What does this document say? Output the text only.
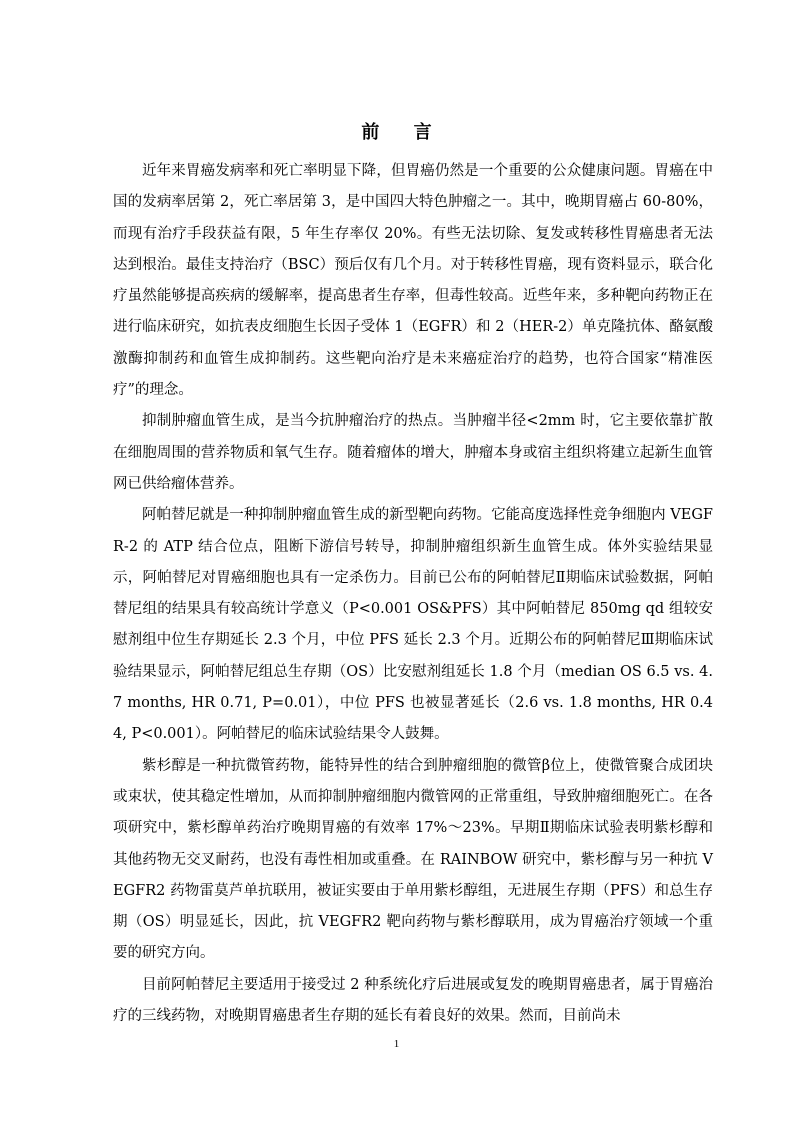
前 言

近年来胃癌发病率和死亡率明显下降，但胃癌仍然是一个重要的公众健康问题。胃癌在中国的发病率居第 2，死亡率居第 3，是中国四大特色肿瘤之一。其中，晚期胃癌占 60-80%，而现有治疗手段获益有限，5 年生存率仅 20%。有些无法切除、复发或转移性胃癌患者无法达到根治。最佳支持治疗（BSC）预后仅有几个月。对于转移性胃癌，现有资料显示，联合化疗虽然能够提高疾病的缓解率，提高患者生存率，但毒性较高。近些年来，多种靶向药物正在进行临床研究，如抗表皮细胞生长因子受体 1（EGFR）和 2（HER-2）单克隆抗体、酪氨酸激酶抑制药和血管生成抑制药。这些靶向治疗是未来癌症治疗的趋势，也符合国家“精准医疗”的理念。

抑制肿瘤血管生成，是当今抗肿瘤治疗的热点。当肿瘤半径<2mm 时，它主要依靠扩散在细胞周围的营养物质和氧气生存。随着瘤体的增大，肿瘤本身或宿主组织将建立起新生血管网已供给瘤体营养。

阿帕替尼就是一种抑制肿瘤血管生成的新型靶向药物。它能高度选择性竞争细胞内 VEGFR-2 的 ATP 结合位点，阻断下游信号转导，抑制肿瘤组织新生血管生成。体外实验结果显示，阿帕替尼对胃癌细胞也具有一定杀伤力。目前已公布的阿帕替尼Ⅱ期临床试验数据，阿帕替尼组的结果具有较高统计学意义（P<0.001 OS&PFS）其中阿帕替尼 850mg qd 组较安慰剂组中位生存期延长 2.3 个月，中位 PFS 延长 2.3 个月。近期公布的阿帕替尼Ⅲ期临床试验结果显示，阿帕替尼组总生存期（OS）比安慰剂组延长 1.8 个月（median OS 6.5 vs. 4.7 months, HR 0.71, P=0.01），中位 PFS 也被显著延长（2.6 vs. 1.8 months, HR 0.44, P<0.001）。阿帕替尼的临床试验结果令人鼓舞。

紫杉醇是一种抗微管药物，能特异性的结合到肿瘤细胞的微管β位上，使微管聚合成团块或束状，使其稳定性增加，从而抑制肿瘤细胞内微管网的正常重组，导致肿瘤细胞死亡。在各项研究中，紫杉醇单药治疗晚期胃癌的有效率 17%～23%。早期Ⅱ期临床试验表明紫杉醇和其他药物无交叉耐药，也没有毒性相加或重叠。在 RAINBOW 研究中，紫杉醇与另一种抗 VEGFR2 药物雷莫芦单抗联用，被证实要由于单用紫杉醇组，无进展生存期（PFS）和总生存期（OS）明显延长，因此，抗 VEGFR2 靶向药物与紫杉醇联用，成为胃癌治疗领域一个重要的研究方向。

目前阿帕替尼主要适用于接受过 2 种系统化疗后进展或复发的晚期胃癌患者，属于胃癌治疗的三线药物，对晚期胃癌患者生存期的延长有着良好的效果。然而，目前尚未

1
